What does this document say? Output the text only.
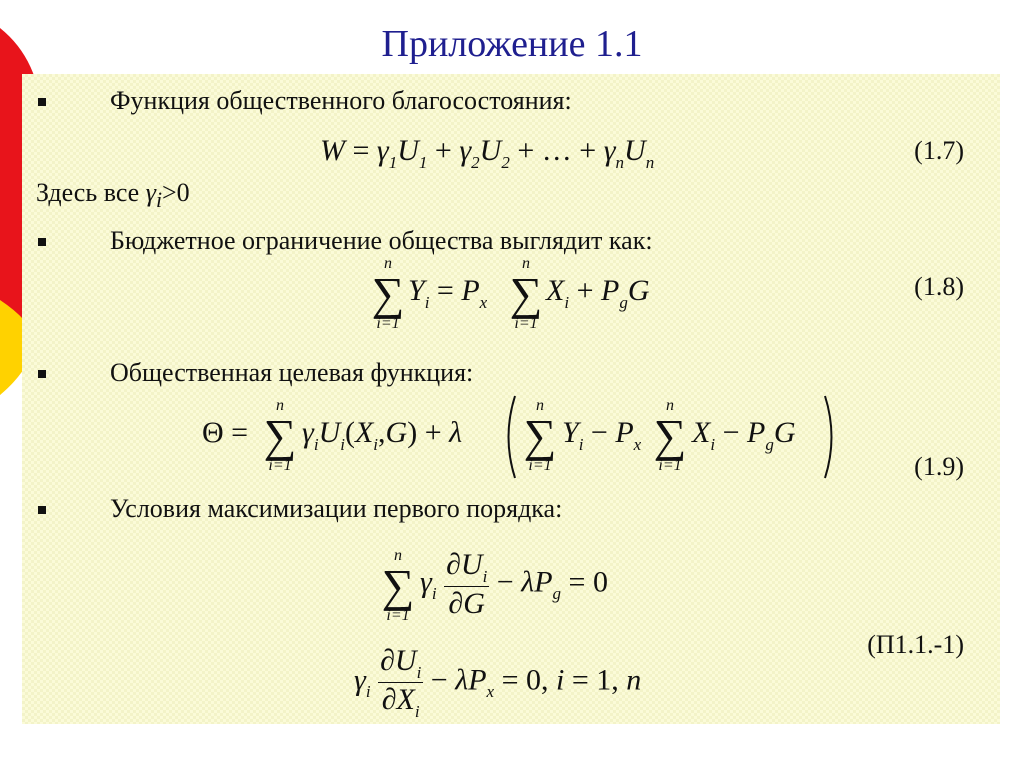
Приложение 1.1
Функция общественного благосостояния:
$W = \gamma_1U_1 + \gamma_2U_2$ + … + $\gamma_nU_n$	(1.7)
Здесь все $\gamma_i>0$
Бюджетное ограничение общества выглядит как:
n
∑
i=1
$Y_i = P_x$
n
∑
i=1
$X_i + P_gG$	(1.8)
Общественная целевая функция:
Θ =
n
∑
i=1
$\gamma_iU_i(X_i,G) + \lambda$
n
∑
i=1
$Y_i - P_x$
n
∑
i=1
$X_i - P_gG$
(1.9)
Условия максимизации первого порядка:
n
∑
i=1
$\gamma_i \frac{\partial U_i}{\partial G} - \lambda P_g = 0$
$\gamma_i \frac{\partial U_i}{\partial X_i} - \lambda P_x = 0$, i = 1, n
(П1.1.-1)
